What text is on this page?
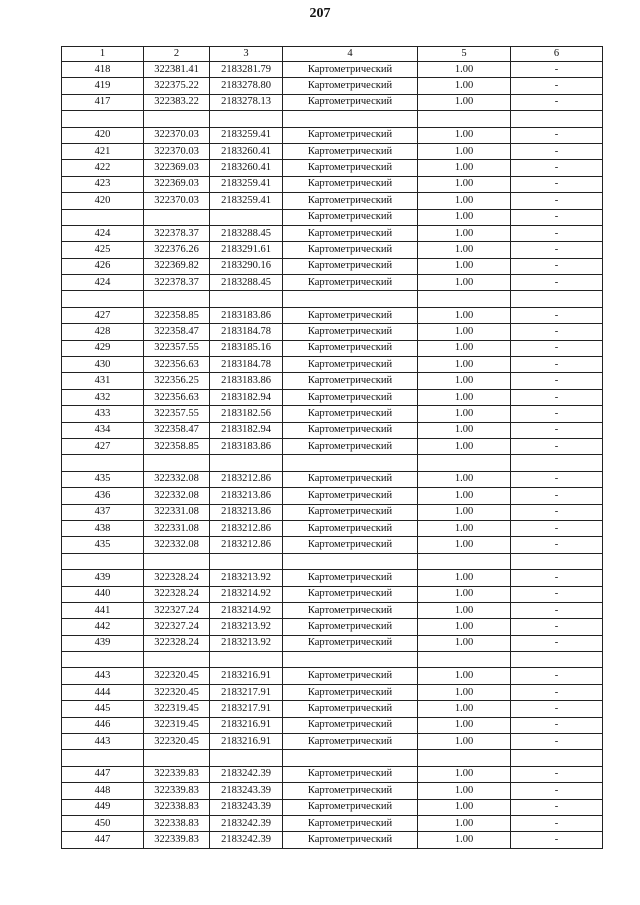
207
1	2	3	4	5	6
418	322381.41	2183281.79	Картометрический	1.00	-
419	322375.22	2183278.80	Картометрический	1.00	-
417	322383.22	2183278.13	Картометрический	1.00	-

420	322370.03	2183259.41	Картометрический	1.00	-
421	322370.03	2183260.41	Картометрический	1.00	-
422	322369.03	2183260.41	Картометрический	1.00	-
423	322369.03	2183259.41	Картометрический	1.00	-
420	322370.03	2183259.41	Картометрический	1.00	-
			Картометрический	1.00	-
424	322378.37	2183288.45	Картометрический	1.00	-
425	322376.26	2183291.61	Картометрический	1.00	-
426	322369.82	2183290.16	Картометрический	1.00	-
424	322378.37	2183288.45	Картометрический	1.00	-

427	322358.85	2183183.86	Картометрический	1.00	-
428	322358.47	2183184.78	Картометрический	1.00	-
429	322357.55	2183185.16	Картометрический	1.00	-
430	322356.63	2183184.78	Картометрический	1.00	-
431	322356.25	2183183.86	Картометрический	1.00	-
432	322356.63	2183182.94	Картометрический	1.00	-
433	322357.55	2183182.56	Картометрический	1.00	-
434	322358.47	2183182.94	Картометрический	1.00	-
427	322358.85	2183183.86	Картометрический	1.00	-

435	322332.08	2183212.86	Картометрический	1.00	-
436	322332.08	2183213.86	Картометрический	1.00	-
437	322331.08	2183213.86	Картометрический	1.00	-
438	322331.08	2183212.86	Картометрический	1.00	-
435	322332.08	2183212.86	Картометрический	1.00	-

439	322328.24	2183213.92	Картометрический	1.00	-
440	322328.24	2183214.92	Картометрический	1.00	-
441	322327.24	2183214.92	Картометрический	1.00	-
442	322327.24	2183213.92	Картометрический	1.00	-
439	322328.24	2183213.92	Картометрический	1.00	-

443	322320.45	2183216.91	Картометрический	1.00	-
444	322320.45	2183217.91	Картометрический	1.00	-
445	322319.45	2183217.91	Картометрический	1.00	-
446	322319.45	2183216.91	Картометрический	1.00	-
443	322320.45	2183216.91	Картометрический	1.00	-

447	322339.83	2183242.39	Картометрический	1.00	-
448	322339.83	2183243.39	Картометрический	1.00	-
449	322338.83	2183243.39	Картометрический	1.00	-
450	322338.83	2183242.39	Картометрический	1.00	-
447	322339.83	2183242.39	Картометрический	1.00	-
